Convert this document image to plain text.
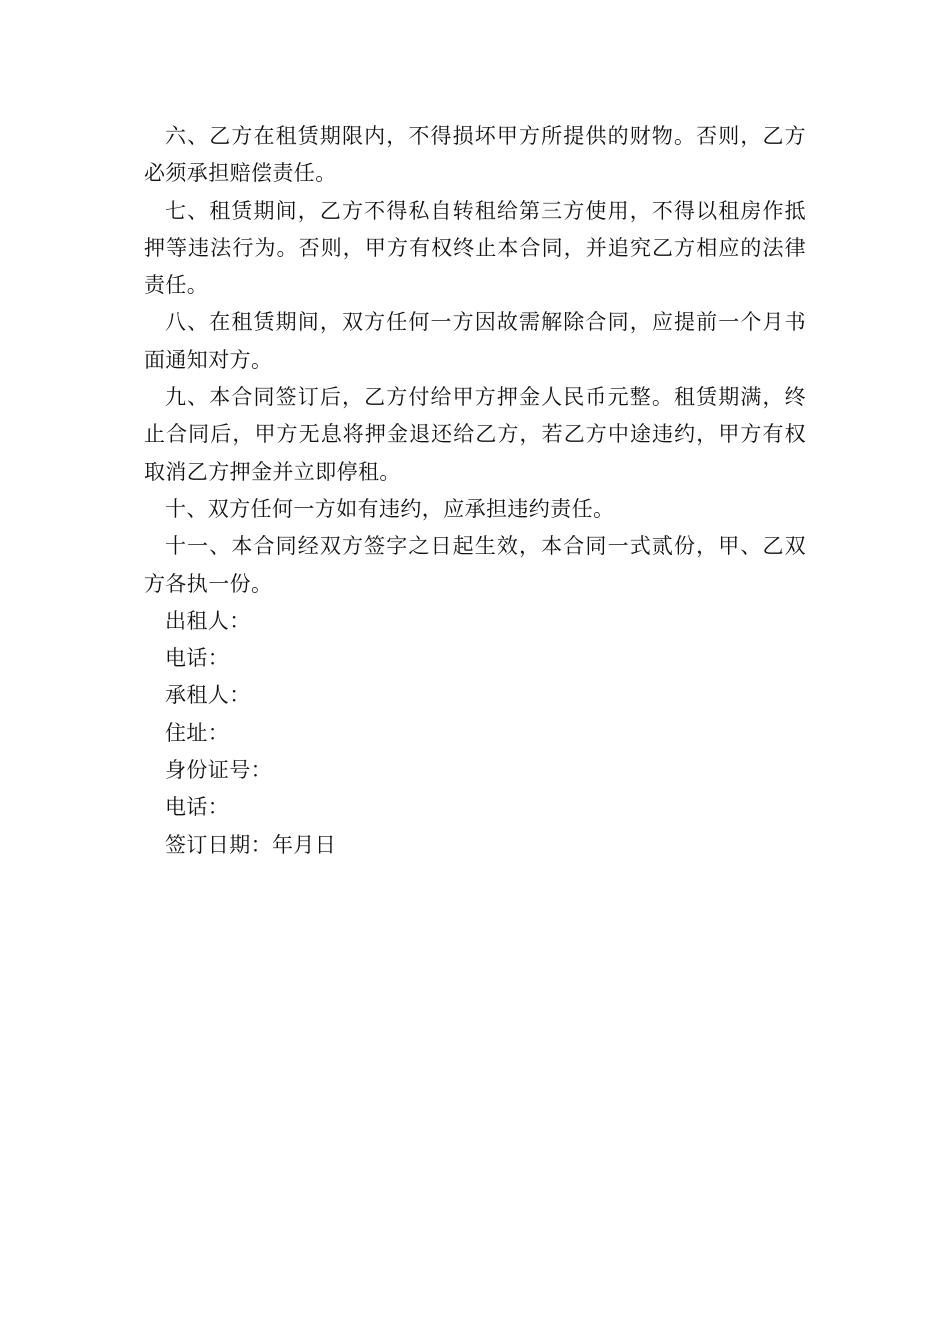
六、乙方在租赁期限内，不得损坏甲方所提供的财物。否则，乙方必须承担赔偿责任。

七、租赁期间，乙方不得私自转租给第三方使用，不得以租房作抵押等违法行为。否则，甲方有权终止本合同，并追究乙方相应的法律责任。

八、在租赁期间，双方任何一方因故需解除合同，应提前一个月书面通知对方。

九、本合同签订后，乙方付给甲方押金人民币元整。租赁期满，终止合同后，甲方无息将押金退还给乙方，若乙方中途违约，甲方有权取消乙方押金并立即停租。

十、双方任何一方如有违约，应承担违约责任。

十一、本合同经双方签字之日起生效，本合同一式贰份，甲、乙双方各执一份。

出租人：

电话：

承租人：

住址：

身份证号：

电话：

签订日期：年月日
